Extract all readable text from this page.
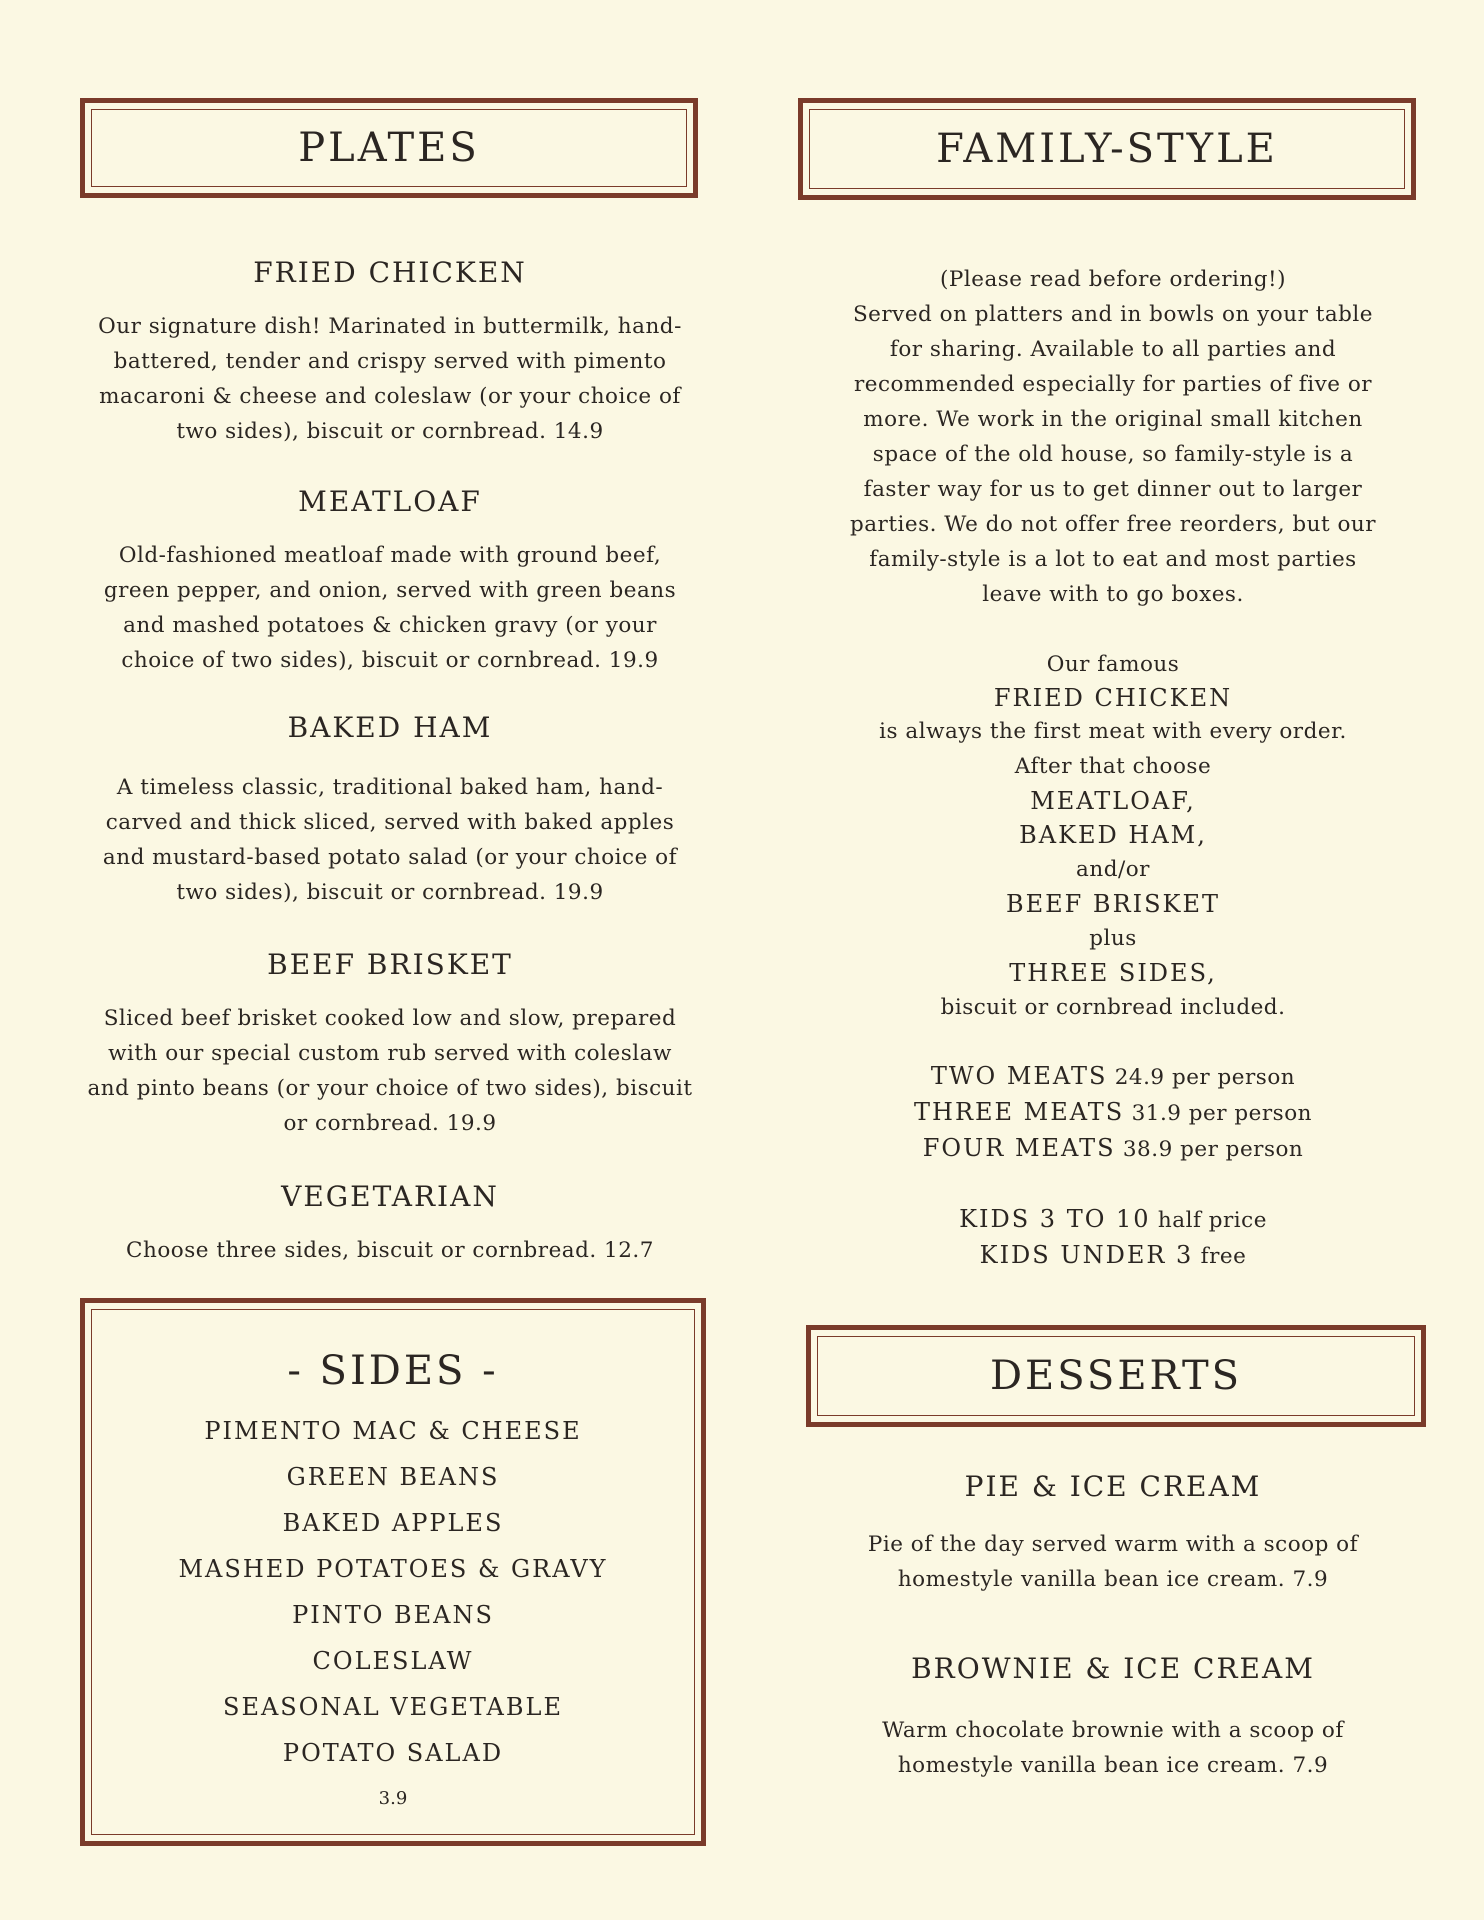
PLATES
FRIED CHICKEN

Our signature dish! Marinated in buttermilk, hand-battered, tender and crispy served with pimento macaroni & cheese and coleslaw (or your choice of two sides), biscuit or cornbread. 14.9

MEATLOAF

Old-fashioned meatloaf made with ground beef, green pepper, and onion, served with green beans and mashed potatoes & chicken gravy (or your choice of two sides), biscuit or cornbread. 19.9

BAKED HAM

A timeless classic, traditional baked ham, hand-carved and thick sliced, served with baked apples and mustard-based potato salad (or your choice of two sides), biscuit or cornbread. 19.9

BEEF BRISKET

Sliced beef brisket cooked low and slow, prepared with our special custom rub served with coleslaw and pinto beans (or your choice of two sides), biscuit or cornbread. 19.9

VEGETARIAN

Choose three sides, biscuit or cornbread. 12.7

- SIDES -
PIMENTO MAC & CHEESE
GREEN BEANS
BAKED APPLES
MASHED POTATOES & GRAVY
PINTO BEANS
COLESLAW
SEASONAL VEGETABLE
POTATO SALAD
3.9
FAMILY-STYLE
(Please read before ordering!)
Served on platters and in bowls on your table
for sharing. Available to all parties and
recommended especially for parties of five or
more. We work in the original small kitchen
space of the old house, so family-style is a
faster way for us to get dinner out to larger
parties. We do not offer free reorders, but our
family-style is a lot to eat and most parties
leave with to go boxes.
Our famous
FRIED CHICKEN
is always the first meat with every order.
After that choose
MEATLOAF,
BAKED HAM,
and/or
BEEF BRISKET
plus
THREE SIDES,
biscuit or cornbread included.
TWO MEATS 24.9 per person
THREE MEATS 31.9 per person
FOUR MEATS 38.9 per person
KIDS 3 TO 10 half price
KIDS UNDER 3 free
DESSERTS
PIE & ICE CREAM

Pie of the day served warm with a scoop of homestyle vanilla bean ice cream. 7.9

BROWNIE & ICE CREAM

Warm chocolate brownie with a scoop of homestyle vanilla bean ice cream. 7.9
